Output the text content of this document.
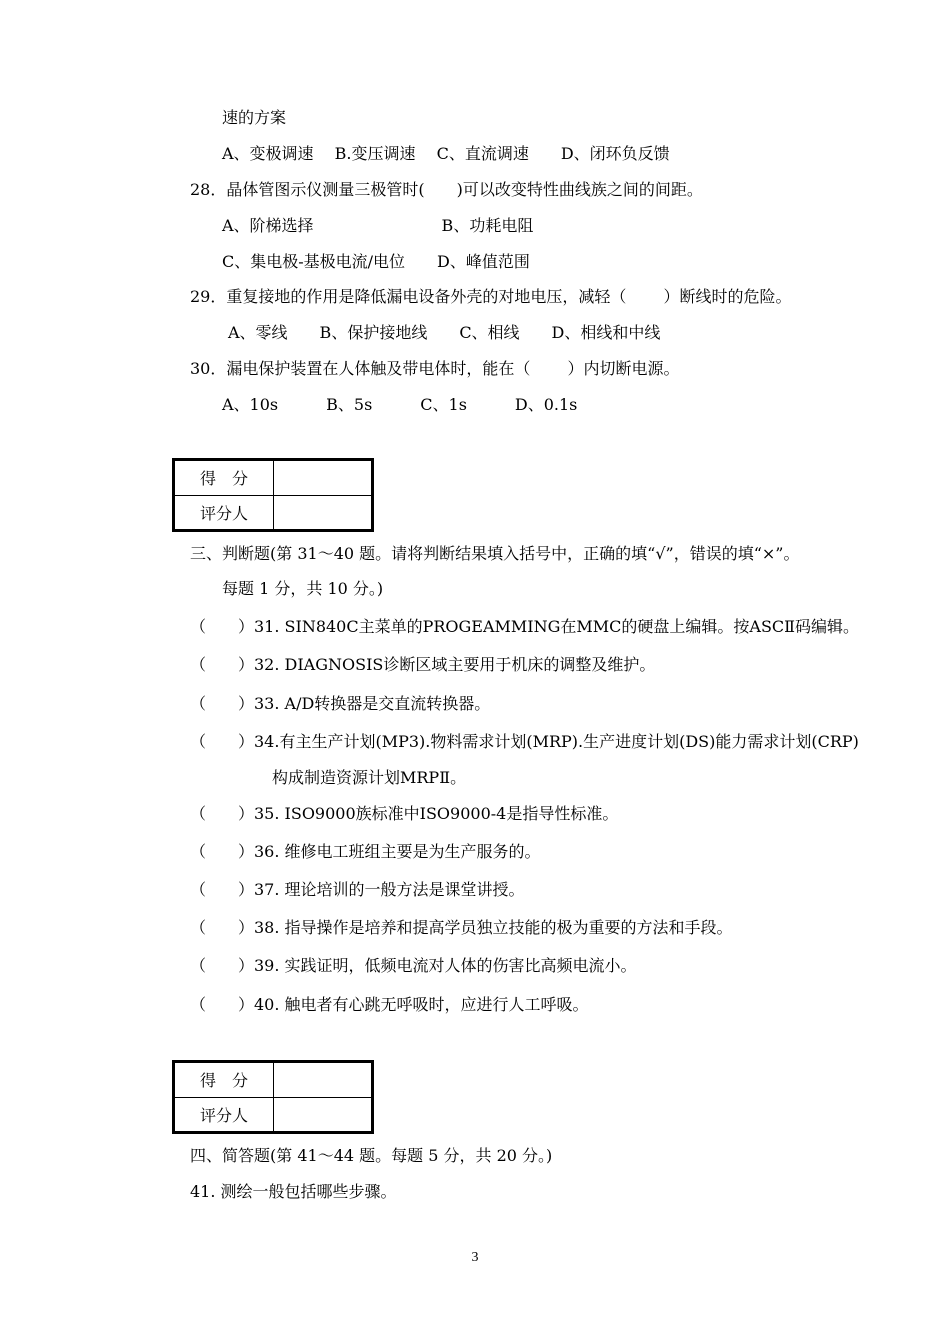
速的方案
A、变极调速　 B.变压调速　 C、直流调速　　D、闭环负反馈
28．晶体管图示仪测量三极管时(　　)可以改变特性曲线族之间的间距。
A、阶梯选择　　　　　　　　B、功耗电阻
C、集电极-基极电流/电位　　D、峰值范围
29．重复接地的作用是降低漏电设备外壳的对地电压，减轻（　　 ）断线时的危险。
A、零线　　B、保护接地线　　C、相线　　D、相线和中线
30．漏电保护装置在人体触及带电体时，能在（　　 ）内切断电源。
A、10s　　　B、5s　　　C、1s　　　D、0.1s
得　分	
评分人	
三、判断题(第 31～40 题。请将判断结果填入括号中，正确的填“√”，错误的填“×”。
每题 1 分，共 10 分。)
（　　）31. SIN840C主菜单的PROGEAMMING在MMC的硬盘上编辑。按ASCⅡ码编辑。
（　　）32. DIAGNOSIS诊断区域主要用于机床的调整及维护。
（　　）33. A/D转换器是交直流转换器。
（　　）34.有主生产计划(MP3).物料需求计划(MRP).生产进度计划(DS)能力需求计划(CRP)
构成制造资源计划MRPⅡ。
（　　）35. ISO9000族标准中ISO9000-4是指导性标准。
（　　）36. 维修电工班组主要是为生产服务的。
（　　）37. 理论培训的一般方法是课堂讲授。
（　　）38. 指导操作是培养和提高学员独立技能的极为重要的方法和手段。
（　　）39. 实践证明，低频电流对人体的伤害比高频电流小。
（　　）40. 触电者有心跳无呼吸时，应进行人工呼吸。
得　分	
评分人	
四、简答题(第 41～44 题。每题 5 分，共 20 分。)
41. 测绘一般包括哪些步骤。
3
